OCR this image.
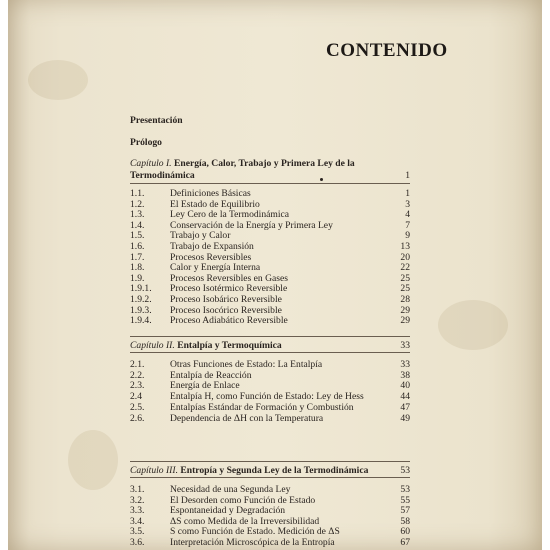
CONTENIDO
Presentación
Prólogo
Capítulo I. Energía, Calor, Trabajo y Primera Ley de la
Termodinámica	1
1.1.	Definiciones Básicas	1
1.2.	El Estado de Equilibrio	3
1.3.	Ley Cero de la Termodinámica	4
1.4.	Conservación de la Energía y Primera Ley	7
1.5.	Trabajo y Calor	9
1.6.	Trabajo de Expansión	13
1.7.	Procesos Reversibles	20
1.8.	Calor y Energía Interna	22
1.9.	Procesos Reversibles en Gases	25
1.9.1. Proceso Isotérmico Reversible	25
1.9.2. Proceso Isobárico Reversible	28
1.9.3. Proceso Isocórico Reversible	29
1.9.4. Proceso Adiabático Reversible	29
Capítulo II. Entalpía y Termoquímica	33
2.1.	Otras Funciones de Estado: La Entalpía	33
2.2.	Entalpía de Reacción	38
2.3.	Energía de Enlace	40
2.4	Entalpía H, como Función de Estado: Ley de Hess	44
2.5.	Entalpías Estándar de Formación y Combustión	47
2.6.	Dependencia de ΔH con la Temperatura	49
Capítulo III. Entropía y Segunda Ley de la Termodinámica	53
3.1.	Necesidad de una Segunda Ley	53
3.2.	El Desorden como Función de Estado	55
3.3.	Espontaneidad y Degradación	57
3.4.	ΔS como Medida de la Irreversibilidad	58
3.5.	S como Función de Estado. Medición de ΔS	60
3.6.	Interpretación Microscópica de la Entropía	67
